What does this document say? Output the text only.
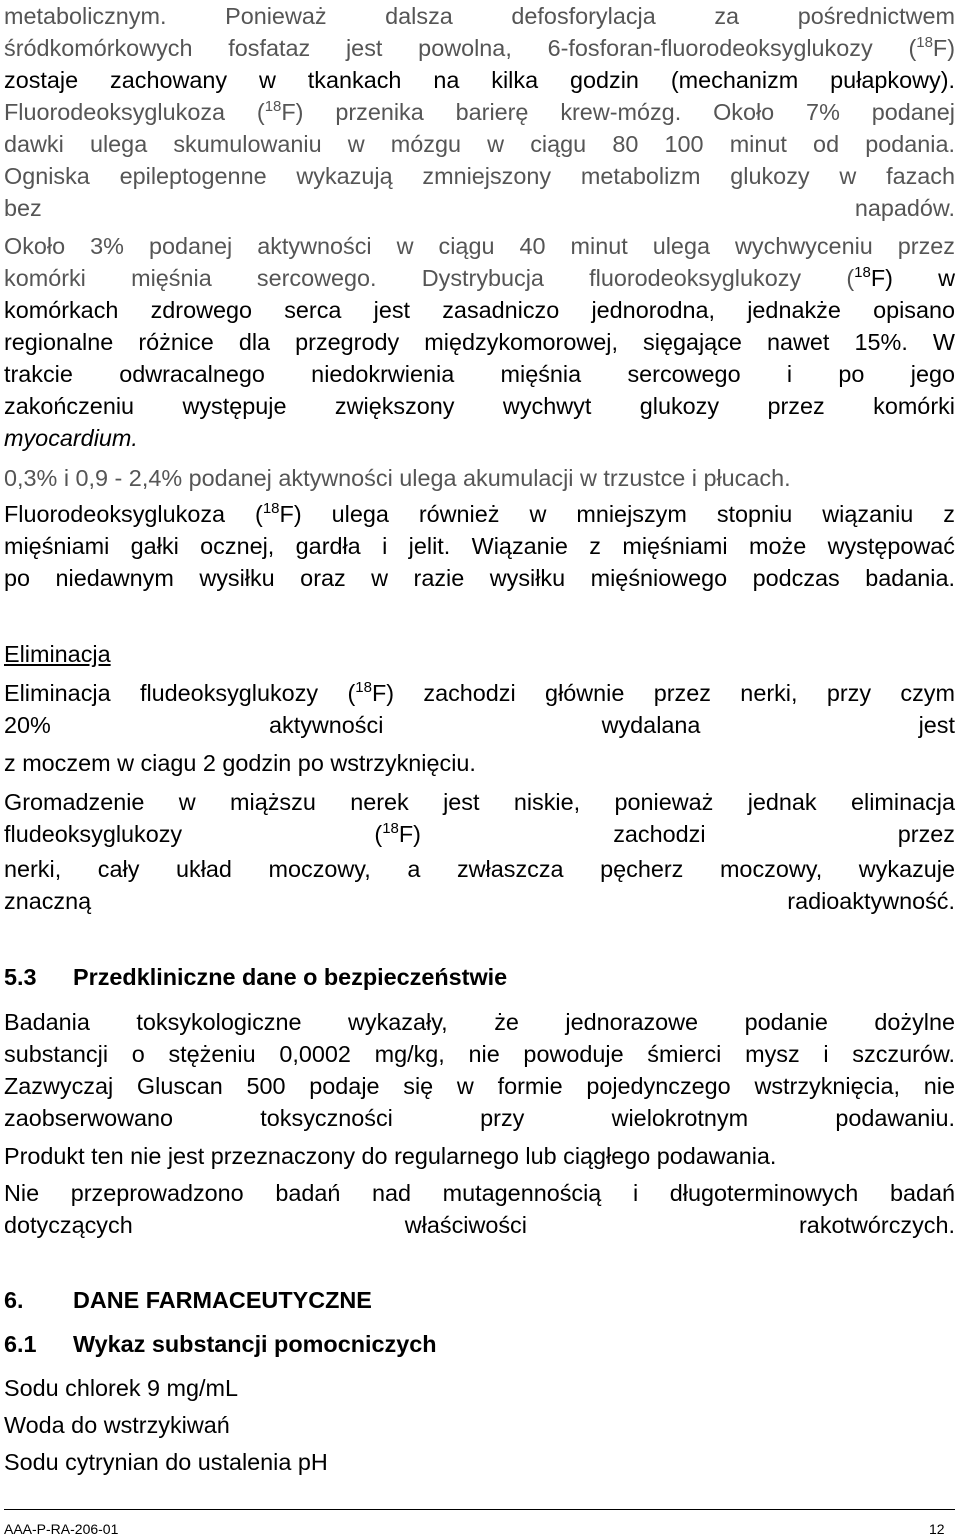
metabolicznym. Ponieważ dalsza defosforylacja za pośrednictwem
śródkomórkowych fosfataz jest powolna, 6-fosforan-fluorodeoksyglukozy ($^{18}$F)
zostaje zachowany w tkankach na kilka godzin (mechanizm pułapkowy).
Fluorodeoksyglukoza ($^{18}$F) przenika barierę krew-mózg. Około 7% podanej
dawki ulega skumulowaniu w mózgu w ciągu 80 100 minut od podania.
Ogniska epileptogenne wykazują zmniejszony metabolizm glukozy w fazach
bez napadów.
Około 3% podanej aktywności w ciągu 40 minut ulega wychwyceniu przez
komórki mięśnia sercowego. Dystrybucja fluorodeoksyglukozy ($^{18}$F) w
komórkach zdrowego serca jest zasadniczo jednorodna, jednakże opisano
regionalne różnice dla przegrody międzykomorowej, sięgające nawet 15%. W
trakcie odwracalnego niedokrwienia mięśnia sercowego i po jego
zakończeniu występuje zwiększony wychwyt glukozy przez komórki
myocardium.
0,3% i 0,9 - 2,4% podanej aktywności ulega akumulacji w trzustce i płucach.
Fluorodeoksyglukoza ($^{18}$F) ulega również w mniejszym stopniu wiązaniu z
mięśniami gałki ocznej, gardła i jelit. Wiązanie z mięśniami może występować
po niedawnym wysiłku oraz w razie wysiłku mięśniowego podczas badania.
Eliminacja
Eliminacja fludeoksyglukozy ($^{18}$F) zachodzi głównie przez nerki, przy czym
20% aktywności wydalana jest
z moczem w ciagu 2 godzin po wstrzyknięciu.
Gromadzenie w miąższu nerek jest niskie, ponieważ jednak eliminacja
fludeoksyglukozy ($^{18}$F) zachodzi przez
nerki, cały układ moczowy, a zwłaszcza pęcherz moczowy, wykazuje
znaczną radioaktywność.
5.3 Przedkliniczne dane o bezpieczeństwie
Badania toksykologiczne wykazały, że jednorazowe podanie dożylne
substancji o stężeniu 0,0002 mg/kg, nie powoduje śmierci mysz i szczurów.
Zazwyczaj Gluscan 500 podaje się w formie pojedynczego wstrzyknięcia, nie
zaobserwowano toksyczności przy wielokrotnym podawaniu.
Produkt ten nie jest przeznaczony do regularnego lub ciągłego podawania.
Nie przeprowadzono badań nad mutagennością i długoterminowych badań
dotyczących właściwości rakotwórczych.
6. DANE FARMACEUTYCZNE
6.1 Wykaz substancji pomocniczych
Sodu chlorek 9 mg/mL
Woda do wstrzykiwań
Sodu cytrynian do ustalenia pH
AAA-P-RA-206-01	12
